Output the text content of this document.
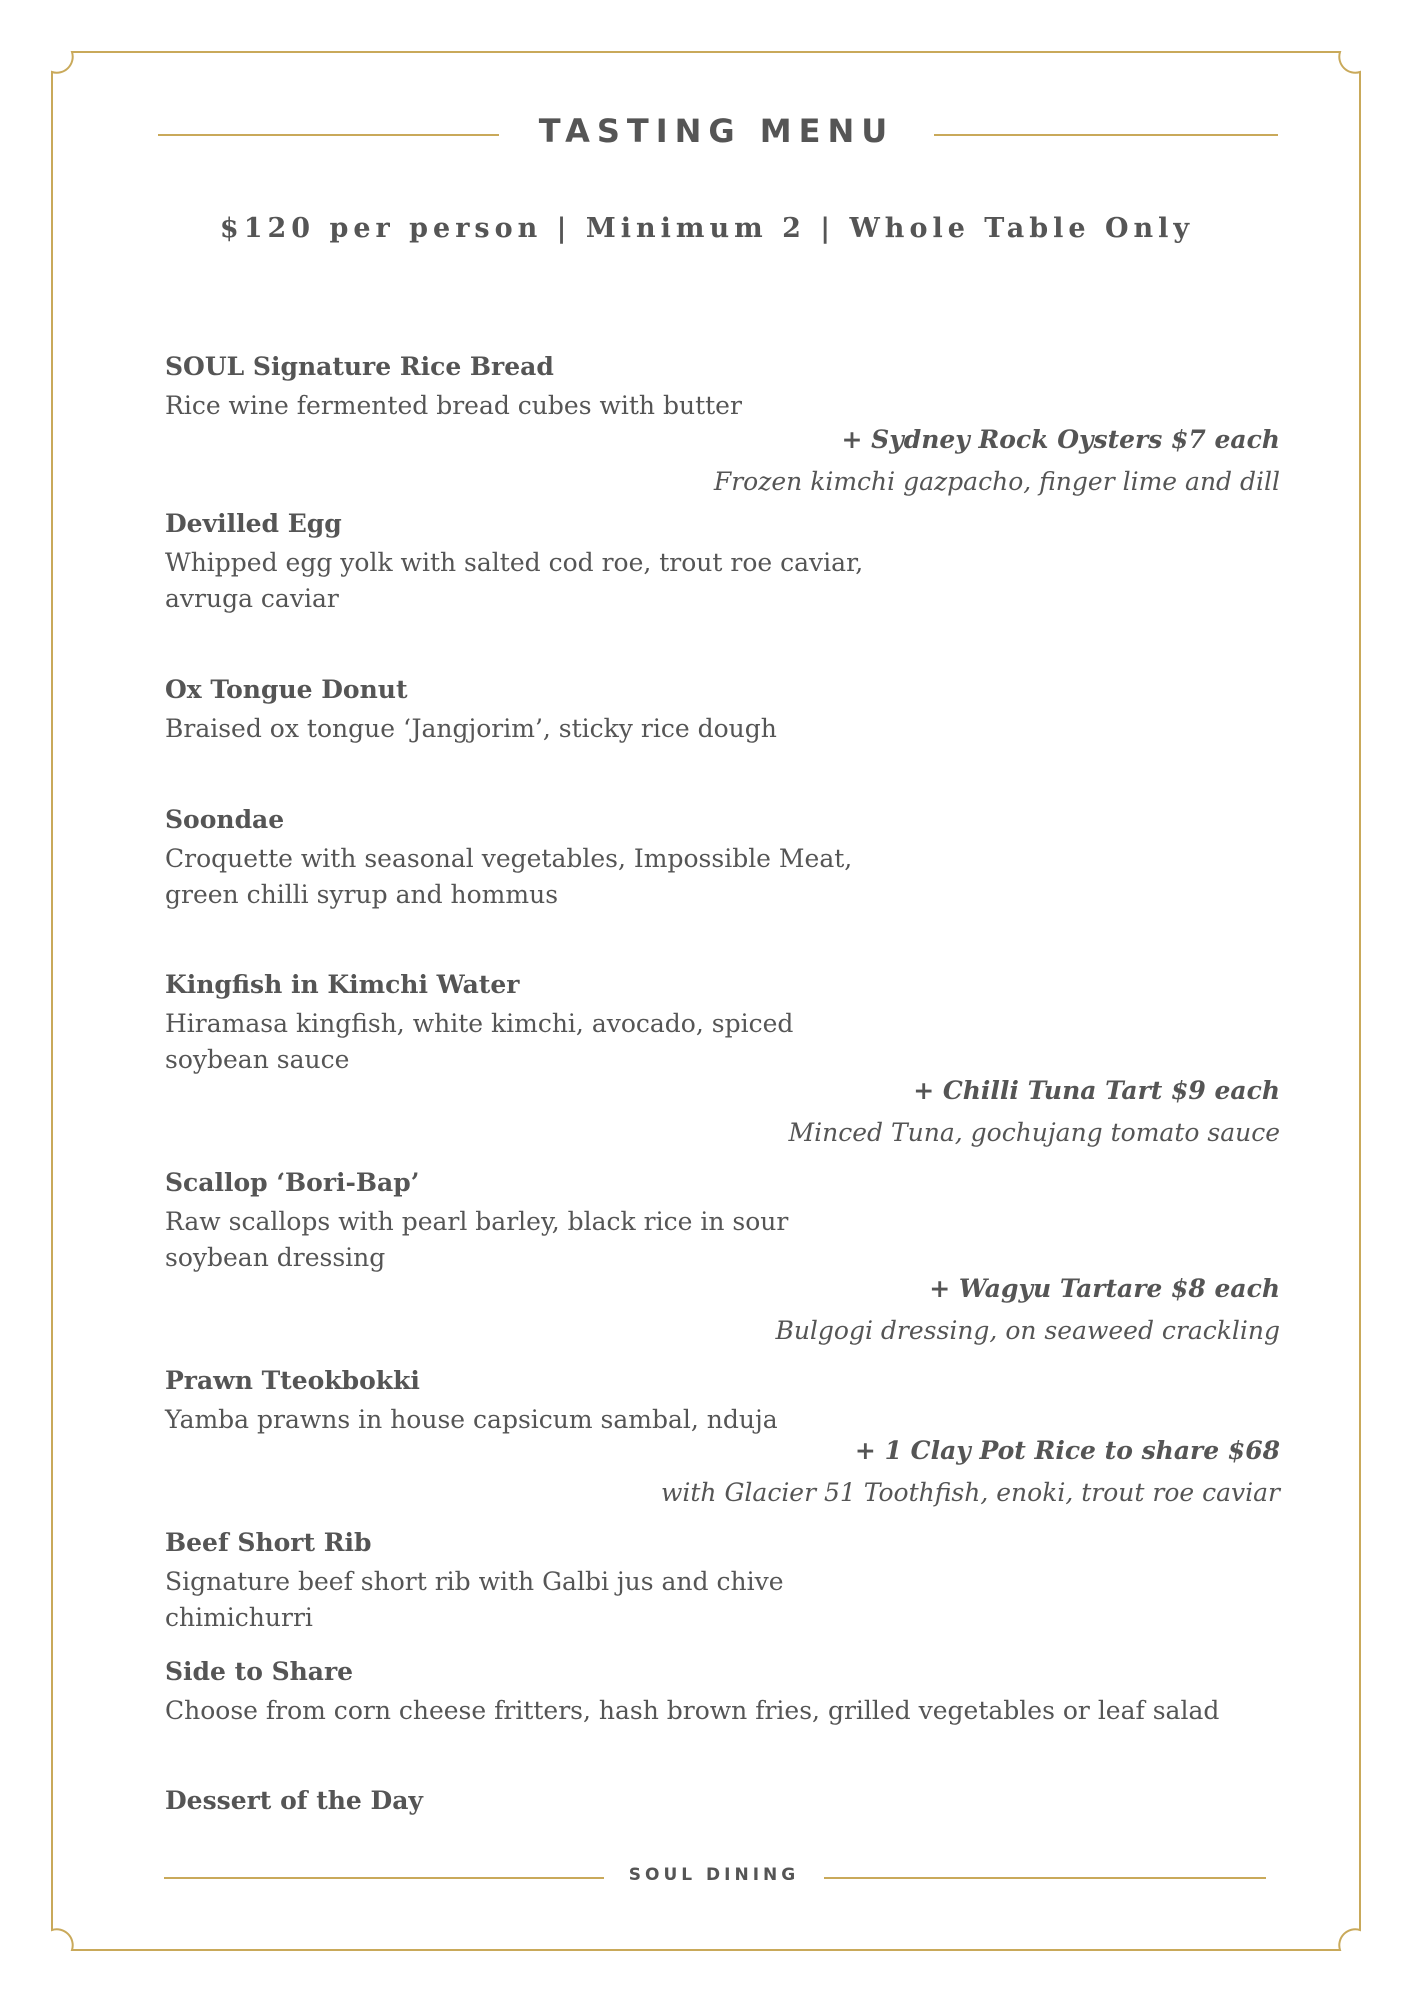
TASTING MENU
$120 per person | Minimum 2 | Whole Table Only
SOUL Signature Rice Bread
Rice wine fermented bread cubes with butter
+ Sydney Rock Oysters $7 each
Frozen kimchi gazpacho, finger lime and dill
Devilled Egg
Whipped egg yolk with salted cod roe, trout roe caviar, avruga caviar
Ox Tongue Donut
Braised ox tongue ‘Jangjorim’, sticky rice dough
Soondae
Croquette with seasonal vegetables, Impossible Meat, green chilli syrup and hommus
Kingfish in Kimchi Water
Hiramasa kingfish, white kimchi, avocado, spiced soybean sauce
+ Chilli Tuna Tart $9 each
Minced Tuna, gochujang tomato sauce
Scallop ‘Bori-Bap’
Raw scallops with pearl barley, black rice in sour soybean dressing
+ Wagyu Tartare $8 each
Bulgogi dressing, on seaweed crackling
Prawn Tteokbokki
Yamba prawns in house capsicum sambal, nduja
+ 1 Clay Pot Rice to share $68
with Glacier 51 Toothfish, enoki, trout roe caviar
Beef Short Rib
Signature beef short rib with Galbi jus and chive chimichurri
Side to Share
Choose from corn cheese fritters, hash brown fries, grilled vegetables or leaf salad
Dessert of the Day
SOUL DINING
